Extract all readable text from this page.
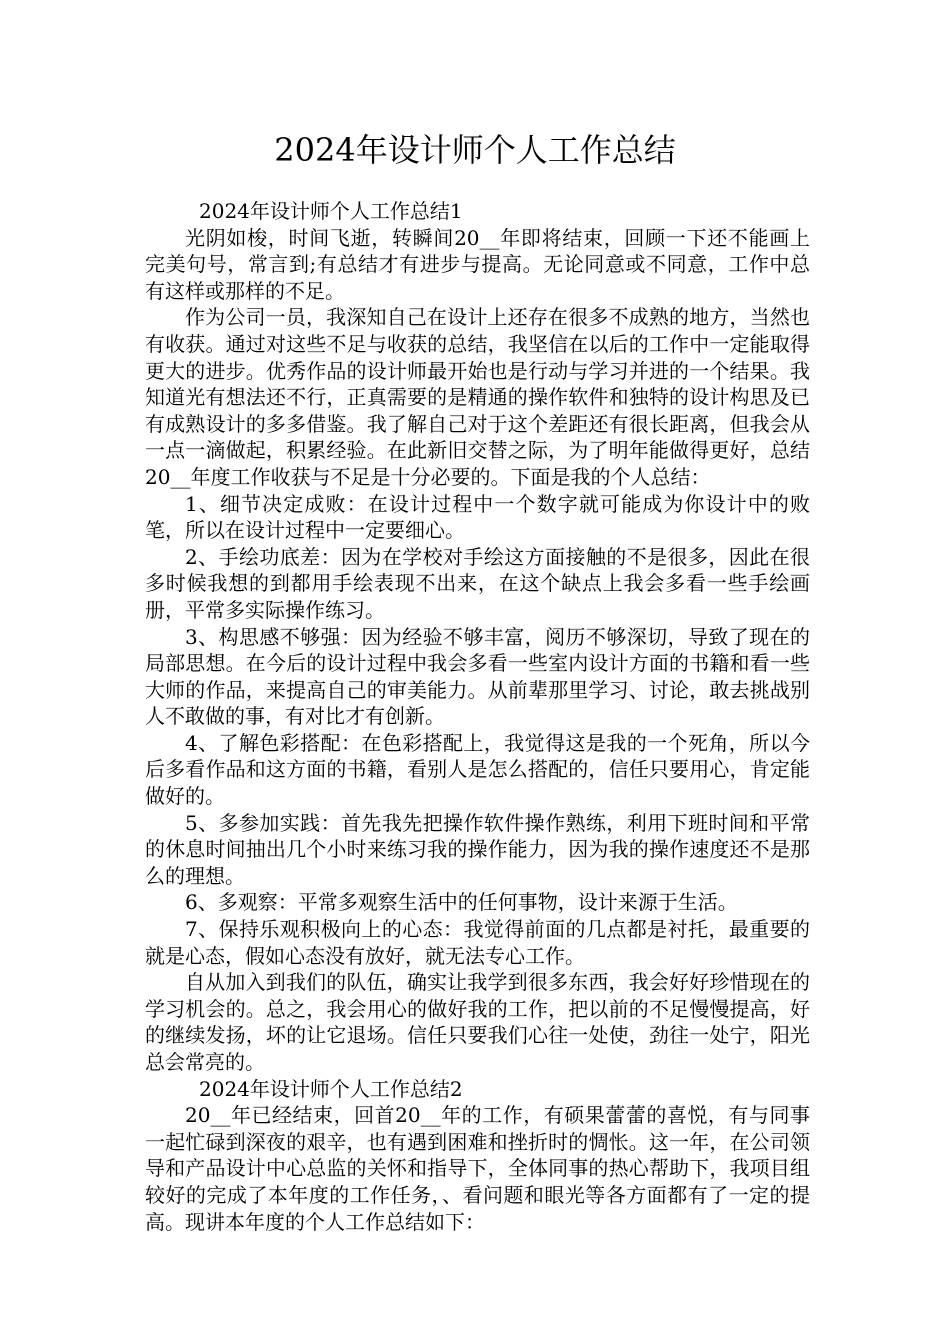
2024年设计师个人工作总结

2024年设计师个人工作总结1

光阴如梭，时间飞逝，转瞬间20__年即将结束，回顾一下还不能画上完美句号，常言到;有总结才有进步与提高。无论同意或不同意，工作中总有这样或那样的不足。

作为公司一员，我深知自己在设计上还存在很多不成熟的地方，当然也有收获。通过对这些不足与收获的总结，我坚信在以后的工作中一定能取得更大的进步。优秀作品的设计师最开始也是行动与学习并进的一个结果。我知道光有想法还不行，正真需要的是精通的操作软件和独特的设计构思及已有成熟设计的多多借鉴。我了解自己对于这个差距还有很长距离，但我会从一点一滴做起，积累经验。在此新旧交替之际，为了明年能做得更好，总结20__年度工作收获与不足是十分必要的。下面是我的个人总结：

1、细节决定成败：在设计过程中一个数字就可能成为你设计中的败笔，所以在设计过程中一定要细心。

2、手绘功底差：因为在学校对手绘这方面接触的不是很多，因此在很多时候我想的到都用手绘表现不出来，在这个缺点上我会多看一些手绘画册，平常多实际操作练习。

3、构思感不够强：因为经验不够丰富，阅历不够深切，导致了现在的局部思想。在今后的设计过程中我会多看一些室内设计方面的书籍和看一些大师的作品，来提高自己的审美能力。从前辈那里学习、讨论，敢去挑战别人不敢做的事，有对比才有创新。

4、了解色彩搭配：在色彩搭配上，我觉得这是我的一个死角，所以今后多看作品和这方面的书籍，看别人是怎么搭配的，信任只要用心，肯定能做好的。

5、多参加实践：首先我先把操作软件操作熟练，利用下班时间和平常的休息时间抽出几个小时来练习我的操作能力，因为我的操作速度还不是那么的理想。

6、多观察：平常多观察生活中的任何事物，设计来源于生活。

7、保持乐观积极向上的心态：我觉得前面的几点都是衬托，最重要的就是心态，假如心态没有放好，就无法专心工作。

自从加入到我们的队伍，确实让我学到很多东西，我会好好珍惜现在的学习机会的。总之，我会用心的做好我的工作，把以前的不足慢慢提高，好的继续发扬，坏的让它退场。信任只要我们心往一处使，劲往一处宁，阳光总会常亮的。

2024年设计师个人工作总结2

20__年已经结束，回首20__年的工作，有硕果蕾蕾的喜悦，有与同事一起忙碌到深夜的艰辛，也有遇到困难和挫折时的惆怅。这一年，在公司领导和产品设计中心总监的关怀和指导下，全体同事的热心帮助下，我项目组较好的完成了本年度的工作任务，、看问题和眼光等各方面都有了一定的提高。现讲本年度的个人工作总结如下：
